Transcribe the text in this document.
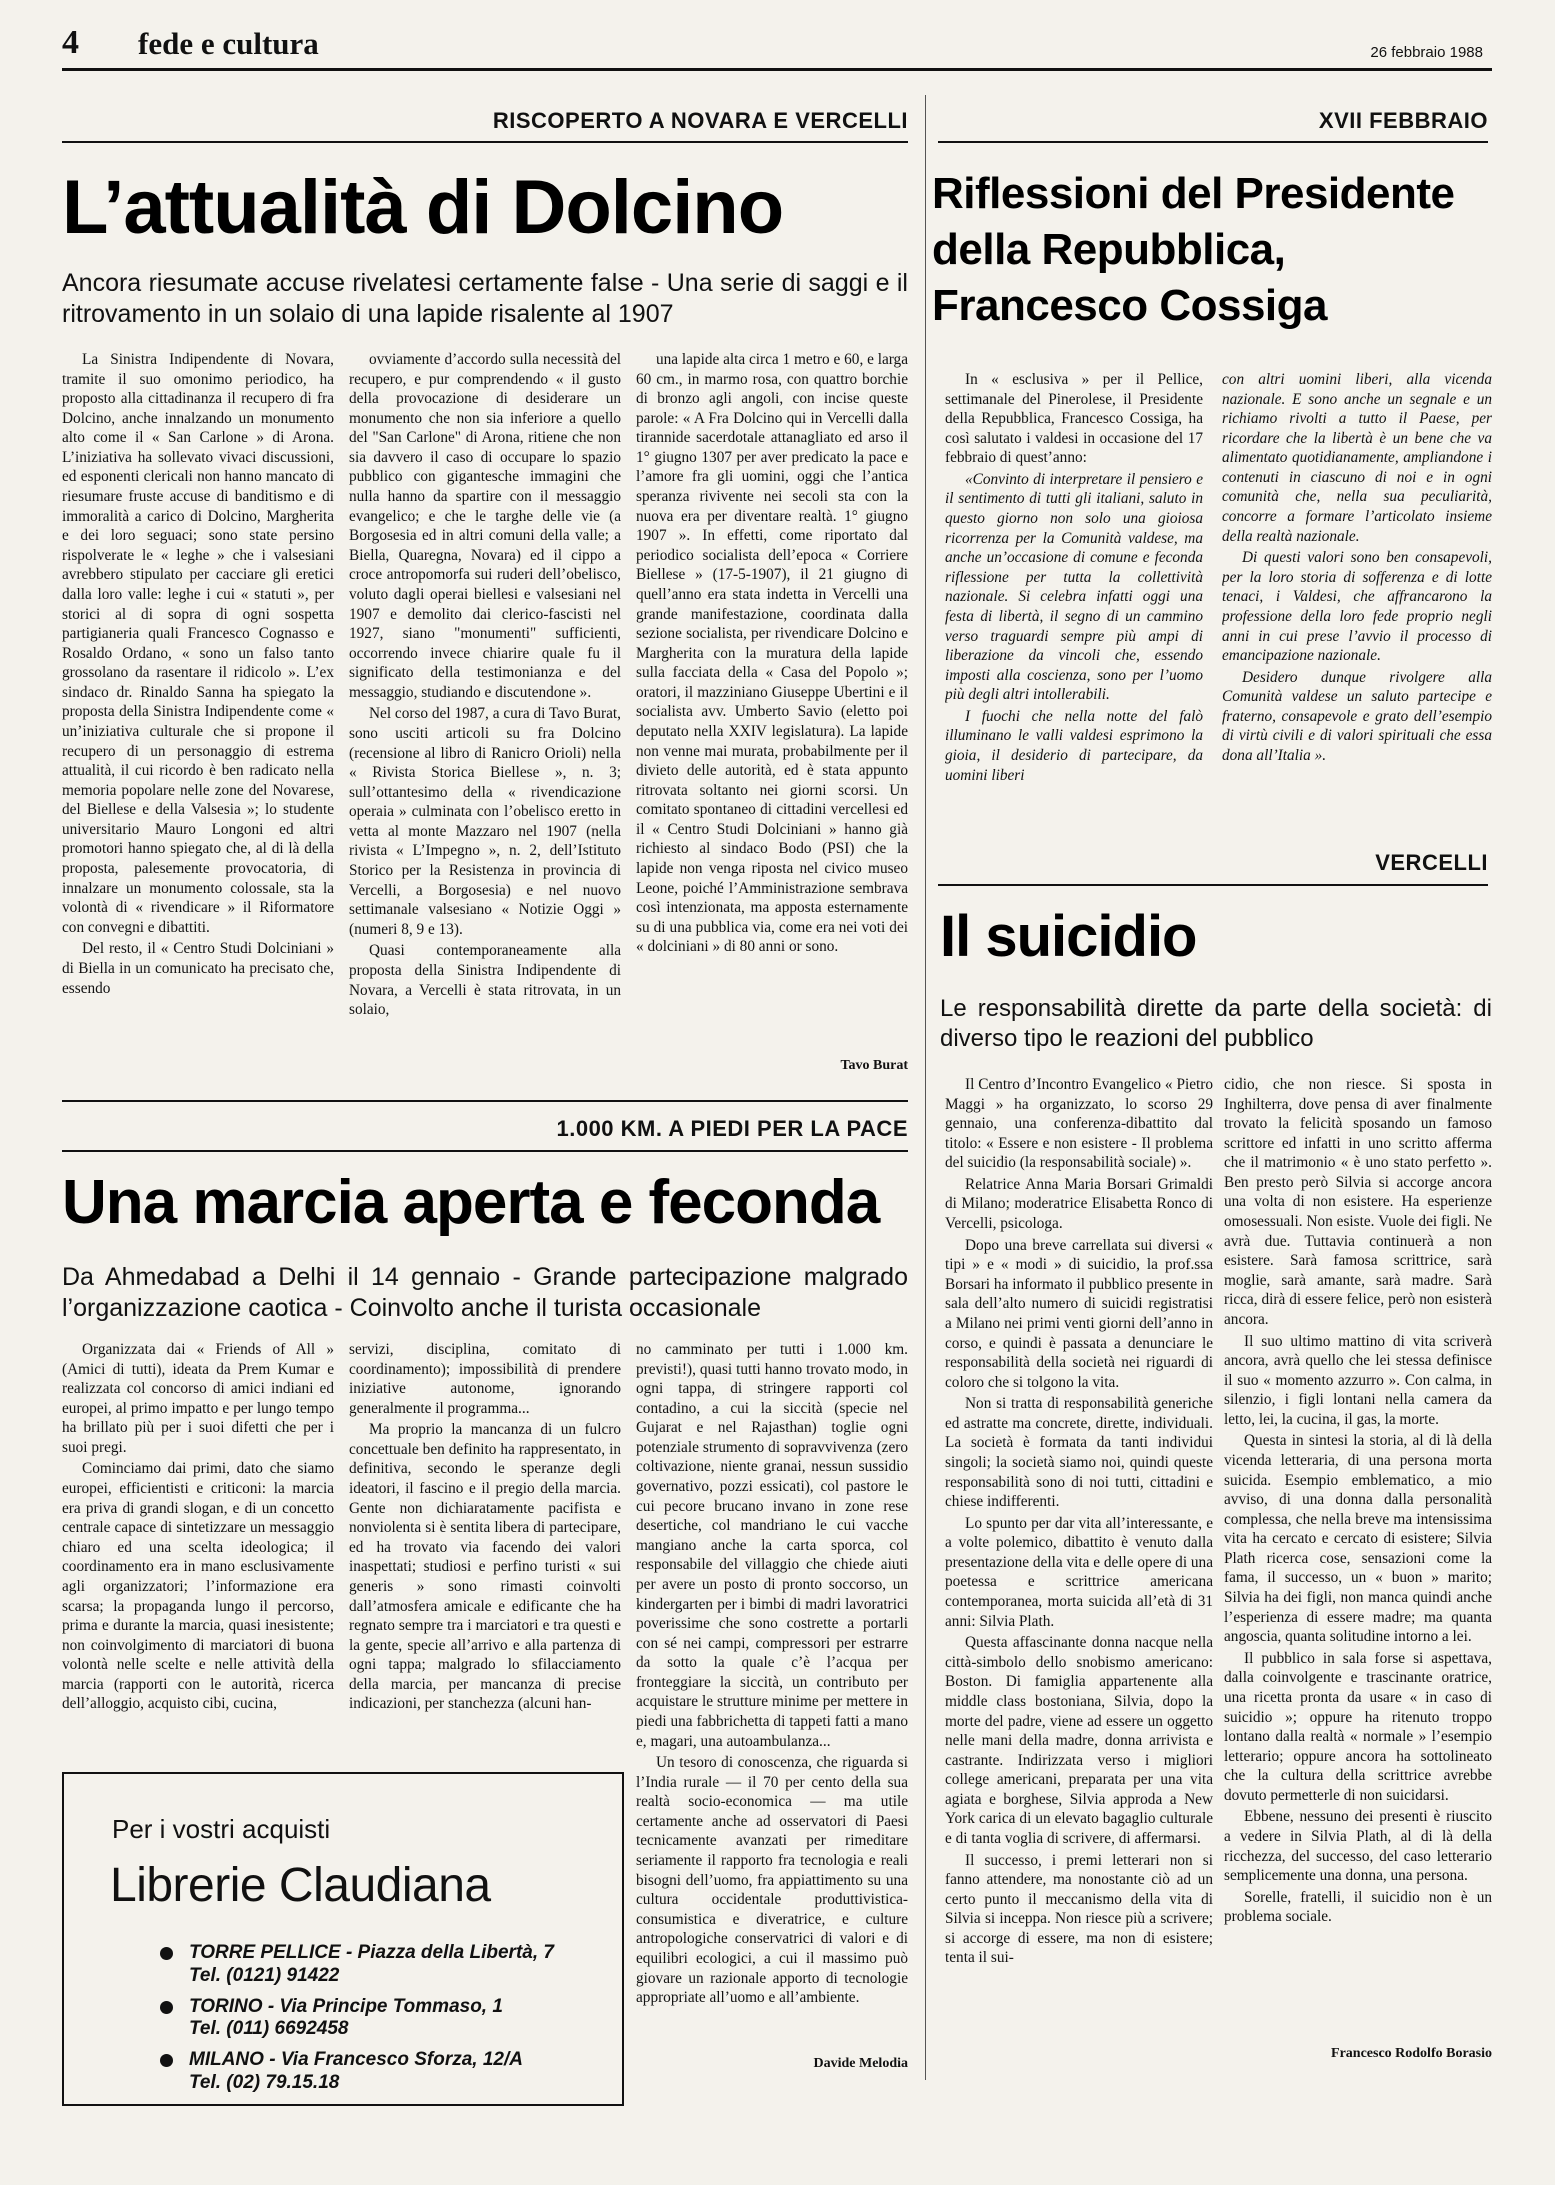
4 fede e cultura	26 febbraio 1988
RISCOPERTO A NOVARA E VERCELLI
L’attualità di Dolcino
Ancora riesumate accuse rivelatesi certamente false - Una serie di saggi e il ritrovamento in un solaio di una lapide risalente al 1907

La Sinistra Indipendente di Novara, tramite il suo omonimo periodico, ha proposto alla cittadinanza il recupero di fra Dolcino, anche innalzando un monumento alto come il « San Carlone » di Arona. L’iniziativa ha sollevato vivaci discussioni, ed esponenti clericali non hanno mancato di riesumare fruste accuse di banditismo e di immoralità a carico di Dolcino, Margherita e dei loro seguaci; sono state persino rispolverate le « leghe » che i valsesiani avrebbero stipulato per cacciare gli eretici dalla loro valle: leghe i cui « statuti », per storici al di sopra di ogni sospetta partigianeria quali Francesco Cognasso e Rosaldo Ordano, « sono un falso tanto grossolano da rasentare il ridicolo ». L’ex sindaco dr. Rinaldo Sanna ha spiegato la proposta della Sinistra Indipendente come « un’iniziativa culturale che si propone il recupero di un personaggio di estrema attualità, il cui ricordo è ben radicato nella memoria popolare nelle zone del Novarese, del Biellese e della Valsesia »; lo studente universitario Mauro Longoni ed altri promotori hanno spiegato che, al di là della proposta, palesemente provocatoria, di innalzare un monumento colossale, sta la volontà di « rivendicare » il Riformatore con convegni e dibattiti.

Del resto, il « Centro Studi Dolciniani » di Biella in un comunicato ha precisato che, essendo

ovviamente d’accordo sulla necessità del recupero, e pur comprendendo « il gusto della provocazione di desiderare un monumento che non sia inferiore a quello del "San Carlone" di Arona, ritiene che non sia davvero il caso di occupare lo spazio pubblico con gigantesche immagini che nulla hanno da spartire con il messaggio evangelico; e che le targhe delle vie (a Borgosesia ed in altri comuni della valle; a Biella, Quaregna, Novara) ed il cippo a croce antropomorfa sui ruderi dell’obelisco, voluto dagli operai biellesi e valsesiani nel 1907 e demolito dai clerico-fascisti nel 1927, siano "monumenti" sufficienti, occorrendo invece chiarire quale fu il significato della testimonianza e del messaggio, studiando e discutendone ».

Nel corso del 1987, a cura di Tavo Burat, sono usciti articoli su fra Dolcino (recensione al libro di Ranicro Orioli) nella « Rivista Storica Biellese », n. 3; sull’ottantesimo della « rivendicazione operaia » culminata con l’obelisco eretto in vetta al monte Mazzaro nel 1907 (nella rivista « L’Impegno », n. 2, dell’Istituto Storico per la Resistenza in provincia di Vercelli, a Borgosesia) e nel nuovo settimanale valsesiano « Notizie Oggi » (numeri 8, 9 e 13).

Quasi contemporaneamente alla proposta della Sinistra Indipendente di Novara, a Vercelli è stata ritrovata, in un solaio,

una lapide alta circa 1 metro e 60, e larga 60 cm., in marmo rosa, con quattro borchie di bronzo agli angoli, con incise queste parole: « A Fra Dolcino qui in Vercelli dalla tirannide sacerdotale attanagliato ed arso il 1° giugno 1307 per aver predicato la pace e l’amore fra gli uomini, oggi che l’antica speranza rivivente nei secoli sta con la nuova era per diventare realtà. 1° giugno 1907 ». In effetti, come riportato dal periodico socialista dell’epoca « Corriere Biellese » (17-5-1907), il 21 giugno di quell’anno era stata indetta in Vercelli una grande manifestazione, coordinata dalla sezione socialista, per rivendicare Dolcino e Margherita con la muratura della lapide sulla facciata della « Casa del Popolo »; oratori, il mazziniano Giuseppe Ubertini e il socialista avv. Umberto Savio (eletto poi deputato nella XXIV legislatura). La lapide non venne mai murata, probabilmente per il divieto delle autorità, ed è stata appunto ritrovata soltanto nei giorni scorsi. Un comitato spontaneo di cittadini vercellesi ed il « Centro Studi Dolciniani » hanno già richiesto al sindaco Bodo (PSI) che la lapide non venga riposta nel civico museo Leone, poiché l’Amministrazione sembrava così intenzionata, ma apposta esternamente su di una pubblica via, come era nei voti dei « dolciniani » di 80 anni or sono.

Tavo Burat
XVII FEBBRAIO
Riflessioni del Presidente
della Repubblica,
Francesco Cossiga

In « esclusiva » per il Pellice, settimanale del Pinerolese, il Presidente della Repubblica, Francesco Cossiga, ha così salutato i valdesi in occasione del 17 febbraio di quest’anno:

«Convinto di interpretare il pensiero e il sentimento di tutti gli italiani, saluto in questo giorno non solo una gioiosa ricorrenza per la Comunità valdese, ma anche un’occasione di comune e feconda riflessione per tutta la collettività nazionale. Si celebra infatti oggi una festa di libertà, il segno di un cammino verso traguardi sempre più ampi di liberazione da vincoli che, essendo imposti alla coscienza, sono per l’uomo più degli altri intollerabili.

I fuochi che nella notte del falò illuminano le valli valdesi esprimono la gioia, il desiderio di partecipare, da uomini liberi

con altri uomini liberi, alla vicenda nazionale. E sono anche un segnale e un richiamo rivolti a tutto il Paese, per ricordare che la libertà è un bene che va alimentato quotidianamente, ampliandone i contenuti in ciascuno di noi e in ogni comunità che, nella sua peculiarità, concorre a formare l’articolato insieme della realtà nazionale.

Di questi valori sono ben consapevoli, per la loro storia di sofferenza e di lotte tenaci, i Valdesi, che affrancarono la professione della loro fede proprio negli anni in cui prese l’avvio il processo di emancipazione nazionale.

Desidero dunque rivolgere alla Comunità valdese un saluto partecipe e fraterno, consapevole e grato dell’esempio di virtù civili e di valori spirituali che essa dona all’Italia ».

VERCELLI
Il suicidio
Le responsabilità dirette da parte della società: di diverso tipo le reazioni del pubblico

Il Centro d’Incontro Evangelico « Pietro Maggi » ha organizzato, lo scorso 29 gennaio, una conferenza-dibattito dal titolo: « Essere e non esistere - Il problema del suicidio (la responsabilità sociale) ».

Relatrice Anna Maria Borsari Grimaldi di Milano; moderatrice Elisabetta Ronco di Vercelli, psicologa.

Dopo una breve carrellata sui diversi « tipi » e « modi » di suicidio, la prof.ssa Borsari ha informato il pubblico presente in sala dell’alto numero di suicidi registratisi a Milano nei primi venti giorni dell’anno in corso, e quindi è passata a denunciare le responsabilità della società nei riguardi di coloro che si tolgono la vita.

Non si tratta di responsabilità generiche ed astratte ma concrete, dirette, individuali. La società è formata da tanti individui singoli; la società siamo noi, quindi queste responsabilità sono di noi tutti, cittadini e chiese indifferenti.

Lo spunto per dar vita all’interessante, e a volte polemico, dibattito è venuto dalla presentazione della vita e delle opere di una poetessa e scrittrice americana contemporanea, morta suicida all’età di 31 anni: Silvia Plath.

Questa affascinante donna nacque nella città-simbolo dello snobismo americano: Boston. Di famiglia appartenente alla middle class bostoniana, Silvia, dopo la morte del padre, viene ad essere un oggetto nelle mani della madre, donna arrivista e castrante. Indirizzata verso i migliori college americani, preparata per una vita agiata e borghese, Silvia approda a New York carica di un elevato bagaglio culturale e di tanta voglia di scrivere, di affermarsi.

Il successo, i premi letterari non si fanno attendere, ma nonostante ciò ad un certo punto il meccanismo della vita di Silvia si inceppa. Non riesce più a scrivere; si accorge di essere, ma non di esistere; tenta il sui-

cidio, che non riesce. Si sposta in Inghilterra, dove pensa di aver finalmente trovato la felicità sposando un famoso scrittore ed infatti in uno scritto afferma che il matrimonio « è uno stato perfetto ». Ben presto però Silvia si accorge ancora una volta di non esistere. Ha esperienze omosessuali. Non esiste. Vuole dei figli. Ne avrà due. Tuttavia continuerà a non esistere. Sarà famosa scrittrice, sarà moglie, sarà amante, sarà madre. Sarà ricca, dirà di essere felice, però non esisterà ancora.

Il suo ultimo mattino di vita scriverà ancora, avrà quello che lei stessa definisce il suo « momento azzurro ». Con calma, in silenzio, i figli lontani nella camera da letto, lei, la cucina, il gas, la morte.

Questa in sintesi la storia, al di là della vicenda letteraria, di una persona morta suicida. Esempio emblematico, a mio avviso, di una donna dalla personalità complessa, che nella breve ma intensissima vita ha cercato e cercato di esistere; Silvia Plath ricerca cose, sensazioni come la fama, il successo, un « buon » marito; Silvia ha dei figli, non manca quindi anche l’esperienza di essere madre; ma quanta angoscia, quanta solitudine intorno a lei.

Il pubblico in sala forse si aspettava, dalla coinvolgente e trascinante oratrice, una ricetta pronta da usare « in caso di suicidio »; oppure ha ritenuto troppo lontano dalla realtà « normale » l’esempio letterario; oppure ancora ha sottolineato che la cultura della scrittrice avrebbe dovuto permetterle di non suicidarsi.

Ebbene, nessuno dei presenti è riuscito a vedere in Silvia Plath, al di là della ricchezza, del successo, del caso letterario semplicemente una donna, una persona.

Sorelle, fratelli, il suicidio non è un problema sociale.

Francesco Rodolfo Borasio
1.000 KM. A PIEDI PER LA PACE
Una marcia aperta e feconda
Da Ahmedabad a Delhi il 14 gennaio - Grande partecipazione malgrado l’organizzazione caotica - Coinvolto anche il turista occasionale

Organizzata dai « Friends of All » (Amici di tutti), ideata da Prem Kumar e realizzata col concorso di amici indiani ed europei, al primo impatto e per lungo tempo ha brillato più per i suoi difetti che per i suoi pregi.

Cominciamo dai primi, dato che siamo europei, efficientisti e criticoni: la marcia era priva di grandi slogan, e di un concetto centrale capace di sintetizzare un messaggio chiaro ed una scelta ideologica; il coordinamento era in mano esclusivamente agli organizzatori; l’informazione era scarsa; la propaganda lungo il percorso, prima e durante la marcia, quasi inesistente; non coinvolgimento di marciatori di buona volontà nelle scelte e nelle attività della marcia (rapporti con le autorità, ricerca dell’alloggio, acquisto cibi, cucina,

servizi, disciplina, comitato di coordinamento); impossibilità di prendere iniziative autonome, ignorando generalmente il programma...

Ma proprio la mancanza di un fulcro concettuale ben definito ha rappresentato, in definitiva, secondo le speranze degli ideatori, il fascino e il pregio della marcia. Gente non dichiaratamente pacifista e nonviolenta si è sentita libera di partecipare, ed ha trovato via facendo dei valori inaspettati; studiosi e perfino turisti « sui generis » sono rimasti coinvolti dall’atmosfera amicale e edificante che ha regnato sempre tra i marciatori e tra questi e la gente, specie all’arrivo e alla partenza di ogni tappa; malgrado lo sfilacciamento della marcia, per mancanza di precise indicazioni, per stanchezza (alcuni han-

no camminato per tutti i 1.000 km. previsti!), quasi tutti hanno trovato modo, in ogni tappa, di stringere rapporti col contadino, a cui la siccità (specie nel Gujarat e nel Rajasthan) toglie ogni potenziale strumento di sopravvivenza (zero coltivazione, niente granai, nessun sussidio governativo, pozzi essicati), col pastore le cui pecore brucano invano in zone rese desertiche, col mandriano le cui vacche mangiano anche la carta sporca, col responsabile del villaggio che chiede aiuti per avere un posto di pronto soccorso, un kindergarten per i bimbi di madri lavoratrici poverissime che sono costrette a portarli con sé nei campi, compressori per estrarre da sotto la quale c’è l’acqua per fronteggiare la siccità, un contributo per acquistare le strutture minime per mettere in piedi una fabbrichetta di tappeti fatti a mano e, magari, una autoambulanza...

Un tesoro di conoscenza, che riguarda si l’India rurale — il 70 per cento della sua realtà socio-economica — ma utile certamente anche ad osservatori di Paesi tecnicamente avanzati per rimeditare seriamente il rapporto fra tecnologia e reali bisogni dell’uomo, fra appiattimento su una cultura occidentale produttivistica-consumistica e diveratrice, e culture antropologiche conservatrici di valori e di equilibri ecologici, a cui il massimo può giovare un razionale apporto di tecnologie appropriate all’uomo e all’ambiente.

Davide Melodia
Per i vostri acquisti
Librerie Claudiana
TORRE PELLICE - Piazza della Libertà, 7
Tel. (0121) 91422
TORINO - Via Principe Tommaso, 1
Tel. (011) 6692458
MILANO - Via Francesco Sforza, 12/A
Tel. (02) 79.15.18
